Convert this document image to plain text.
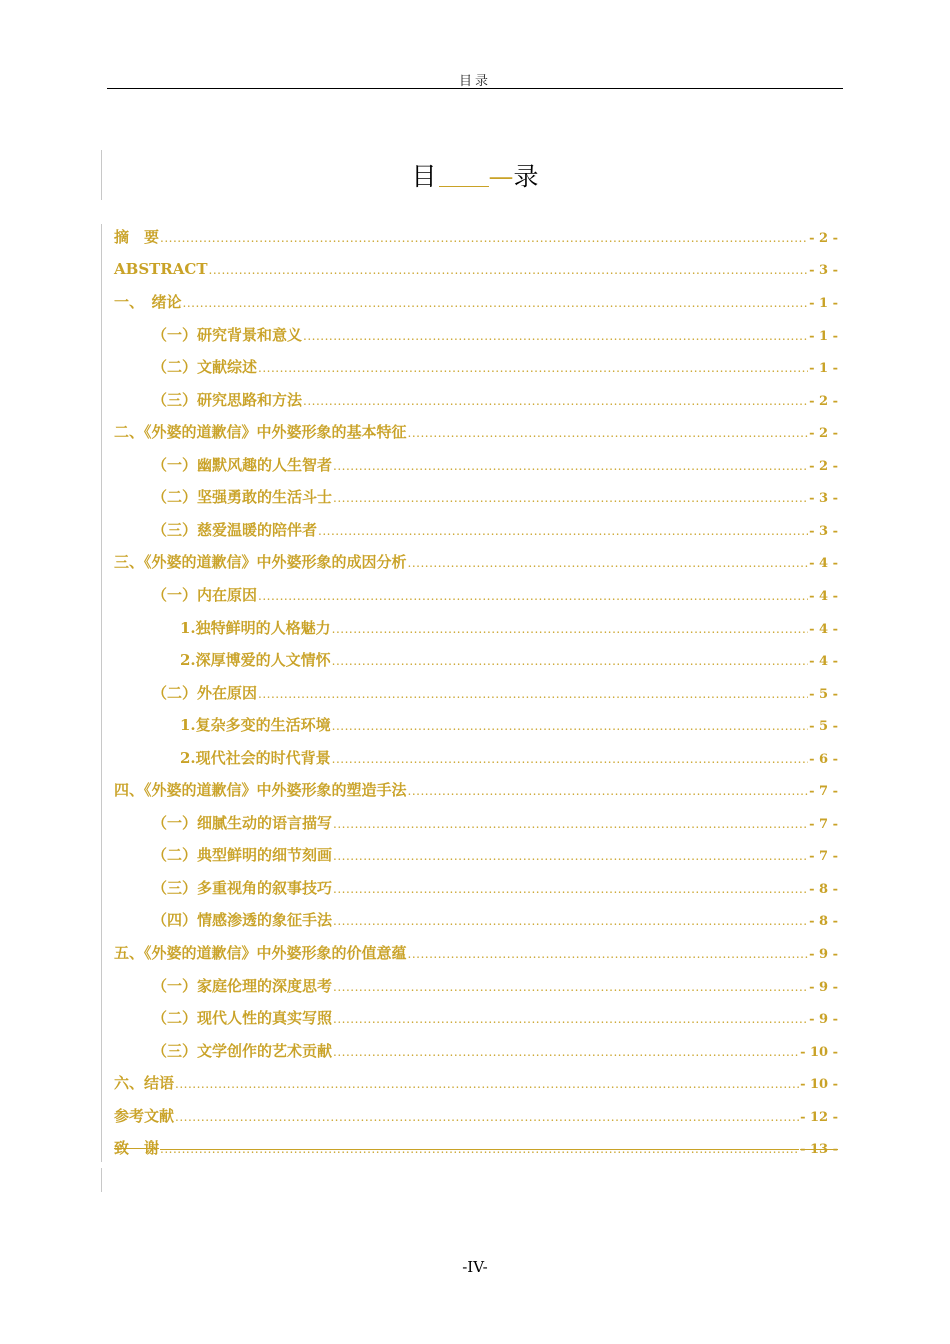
目录
目 —录
摘　要 .....	- 2 -
ABSTRACT .....	- 3 -
一、　绪论 .....	- 1 -
（一）研究背景和意义 .....	- 1 -
（二）文献综述 .....	- 1 -
（三）研究思路和方法 .....	- 2 -
二、《外婆的道歉信》中外婆形象的基本特征 .....	- 2 -
（一）幽默风趣的人生智者 .....	- 2 -
（二）坚强勇敢的生活斗士 .....	- 3 -
（三）慈爱温暖的陪伴者 .....	- 3 -
三、《外婆的道歉信》中外婆形象的成因分析 .....	- 4 -
（一）内在原因 .....	- 4 -
1.独特鲜明的人格魅力 .....	- 4 -
2.深厚博爱的人文情怀 .....	- 4 -
（二）外在原因 .....	- 5 -
1.复杂多变的生活环境 .....	- 5 -
2.现代社会的时代背景 .....	- 6 -
四、《外婆的道歉信》中外婆形象的塑造手法 .....	- 7 -
（一）细腻生动的语言描写 .....	- 7 -
（二）典型鲜明的细节刻画 .....	- 7 -
（三）多重视角的叙事技巧 .....	- 8 -
（四）情感渗透的象征手法 .....	- 8 -
五、《外婆的道歉信》中外婆形象的价值意蕴 .....	- 9 -
（一）家庭伦理的深度思考 .....	- 9 -
（二）现代人性的真实写照 .....	- 9 -
（三）文学创作的艺术贡献 .....	- 10 -
六、结语 .....	- 10 -
参考文献 .....	- 12 -
致　谢 .....	- 13 -
-IV-
